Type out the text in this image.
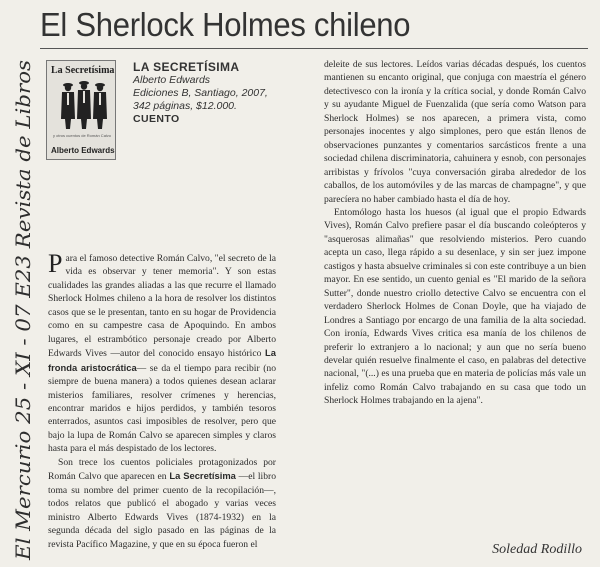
El Mercurio 25 - XI - 07 E23 Revista de Libros
El Sherlock Holmes chileno
La Secretísima
y otros cuentos de Román Calvo
Alberto Edwards
LA SECRETÍSIMA
Alberto Edwards
Ediciones B, Santiago, 2007,
342 páginas, $12.000.
CUENTO

Para el famoso detective Román Calvo, "el secreto de la vida es observar y tener memoria". Y son estas cualidades las grandes aliadas a las que recurre el llamado Sherlock Holmes chileno a la hora de resolver los distintos casos que se le presentan, tanto en su hogar de Providencia como en su campestre casa de Apoquindo. En ambos lugares, el estrambótico personaje creado por Alberto Edwards Vives —autor del conocido ensayo histórico La fronda aristocrática— se da el tiempo para recibir (no siempre de buena manera) a todos quienes desean aclarar misterios familiares, resolver crímenes y herencias, encontrar maridos e hijos perdidos, y también tesoros enterrados, asuntos casi imposibles de resolver, pero que bajo la lupa de Román Calvo se aparecen simples y claros hasta para el más despistado de los lectores.

Son trece los cuentos policiales protagonizados por Román Calvo que aparecen en La Secretísima —el libro toma su nombre del primer cuento de la recopilación—, todos relatos que publicó el abogado y varias veces ministro Alberto Edwards Vives (1874-1932) en la segunda década del siglo pasado en las páginas de la revista Pacífico Magazine, y que en su época fueron el

deleite de sus lectores. Leídos varias décadas después, los cuentos mantienen su encanto original, que conjuga con maestría el género detectivesco con la ironía y la crítica social, y donde Román Calvo y su ayudante Miguel de Fuenzalida (que sería como Watson para Sherlock Holmes) se nos aparecen, a primera vista, como personajes inocentes y algo simplones, pero que están llenos de observaciones punzantes y comentarios sarcásticos frente a una sociedad chilena discriminatoria, cahuinera y esnob, con personajes arribistas y frívolos "cuya conversación giraba alrededor de los caballos, de los automóviles y de las marcas de champagne", y que parecíera no haber cambiado hasta el día de hoy.

Entomólogo hasta los huesos (al igual que el propio Edwards Vives), Román Calvo prefiere pasar el día buscando coleópteros y "asquerosas alimañas" que resolviendo misterios. Pero cuando acepta un caso, llega rápido a su desenlace, y sin ser juez impone castigos y hasta absuelve criminales si con este contribuye a un bien mayor. En ese sentido, un cuento genial es "El marido de la señora Sutter", donde nuestro criollo detective Calvo se encuentra con el verdadero Sherlock Holmes de Conan Doyle, que ha viajado de Londres a Santiago por encargo de una familia de la alta sociedad. Con ironía, Edwards Vives critica esa manía de los chilenos de preferir lo extranjero a lo nacional; y aun que no sería bueno develar quién resuelve finalmente el caso, en palabras del detective nacional, "(...) es una prueba que en materia de policías más vale un infeliz como Román Calvo trabajando en su casa que todo un Sherlock Holmes trabajando en la ajena".

Soledad Rodillo
